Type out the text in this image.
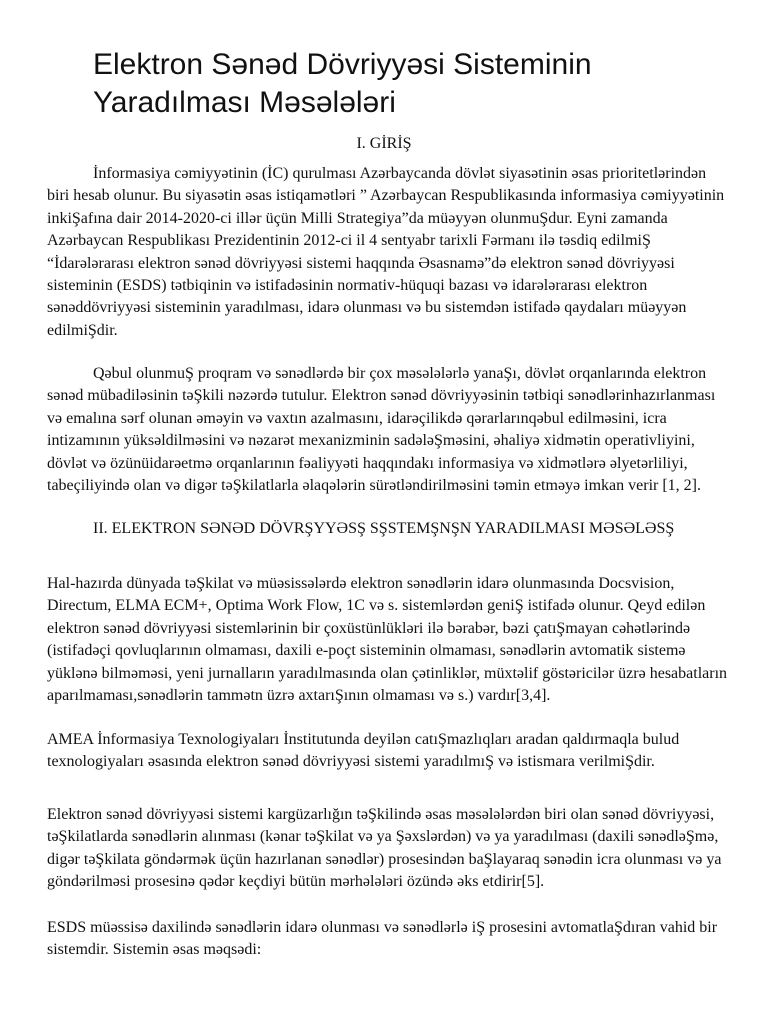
Elektron Sənəd Dövriyyəsi Sisteminin Yaradılması Məsələləri

I. GİRİŞ

İnformasiya cəmiyyətinin (İC) qurulması Azərbaycanda dövlət siyasətinin əsas prioritetlərindən biri hesab olunur. Bu siyasətin əsas istiqamətləri ” Azərbaycan Respublikasında informasiya cəmiyyətinin inkiŞafına dair 2014-2020-ci illər üçün Milli Strategiya”da müəyyən olunmuŞdur. Eyni zamanda Azərbaycan Respublikası Prezidentinin 2012-ci il 4 sentyabr tarixli Fərmanı ilə təsdiq edilmiŞ “İdarələrarası elektron sənəd dövriyyəsi sistemi haqqında Əsasnamə”də elektron sənəd dövriyyəsi sisteminin (ESDS) tətbiqinin və istifadəsinin normativ-hüquqi bazası və idarələrarası elektron sənəddövriyyəsi sisteminin yaradılması, idarə olunması və bu sistemdən istifadə qaydaları müəyyən edilmiŞdir.

Qəbul olunmuŞ proqram və sənədlərdə bir çox məsələlərlə yanaŞı, dövlət orqanlarında elektron sənəd mübadiləsinin təŞkili nəzərdə tutulur. Elektron sənəd dövriyyəsinin tətbiqi sənədlərinhazırlanması və emalına sərf olunan əməyin və vaxtın azalmasını, idarəçilikdə qərarlarınqəbul edilməsini, icra intizamının yüksəldilməsini və nəzarət mexanizminin sadələŞməsini, əhaliyə xidmətin operativliyini, dövlət və özünüidarəetmə orqanlarının fəaliyyəti haqqındakı informasiya və xidmətlərə əlyetərliliyi, tabeçiliyində olan və digər təŞkilatlarla əlaqələrin sürətləndirilməsini təmin etməyə imkan verir [1, 2].

II. ELEKTRON SƏNƏD DÖVRŞYYƏSŞ SŞSTEMŞNŞN YARADILMASI MƏSƏLƏSŞ

Hal-hazırda dünyada təŞkilat və müəsissələrdə elektron sənədlərin idarə olunmasında Docsvision, Directum, ELMA ECM+, Optima Work Flow, 1C və s. sistemlərdən geniŞ istifadə olunur. Qeyd edilən elektron sənəd dövriyyəsi sistemlərinin bir çoxüstünlükləri ilə bərabər, bəzi çatıŞmayan cəhətlərində (istifadəçi qovluqlarının olmaması, daxili e-poçt sisteminin olmaması, sənədlərin avtomatik sistemə yüklənə bilməməsi, yeni jurnalların yaradılmasında olan çətinliklər, müxtəlif göstəricilər üzrə hesabatların aparılmaması,sənədlərin tammətn üzrə axtarıŞının olmaması və s.) vardır[3,4].

AMEA İnformasiya Texnologiyaları İnstitutunda deyilən catıŞmazlıqları aradan qaldırmaqla bulud texnologiyaları əsasında elektron sənəd dövriyyəsi sistemi yaradılmıŞ və istismara verilmiŞdir.

Elektron sənəd dövriyyəsi sistemi kargüzarlığın təŞkilində əsas məsələlərdən biri olan sənəd dövriyyəsi, təŞkilatlarda sənədlərin alınması (kənar təŞkilat və ya Şəxslərdən) və ya yaradılması (daxili sənədləŞmə, digər təŞkilata göndərmək üçün hazırlanan sənədlər) prosesindən baŞlayaraq sənədin icra olunması və ya göndərilməsi prosesinə qədər keçdiyi bütün mərhələləri özündə əks etdirir[5].

ESDS müəssisə daxilində sənədlərin idarə olunması və sənədlərlə iŞ prosesini avtomatlaŞdıran vahid bir sistemdir. Sistemin əsas məqsədi:
